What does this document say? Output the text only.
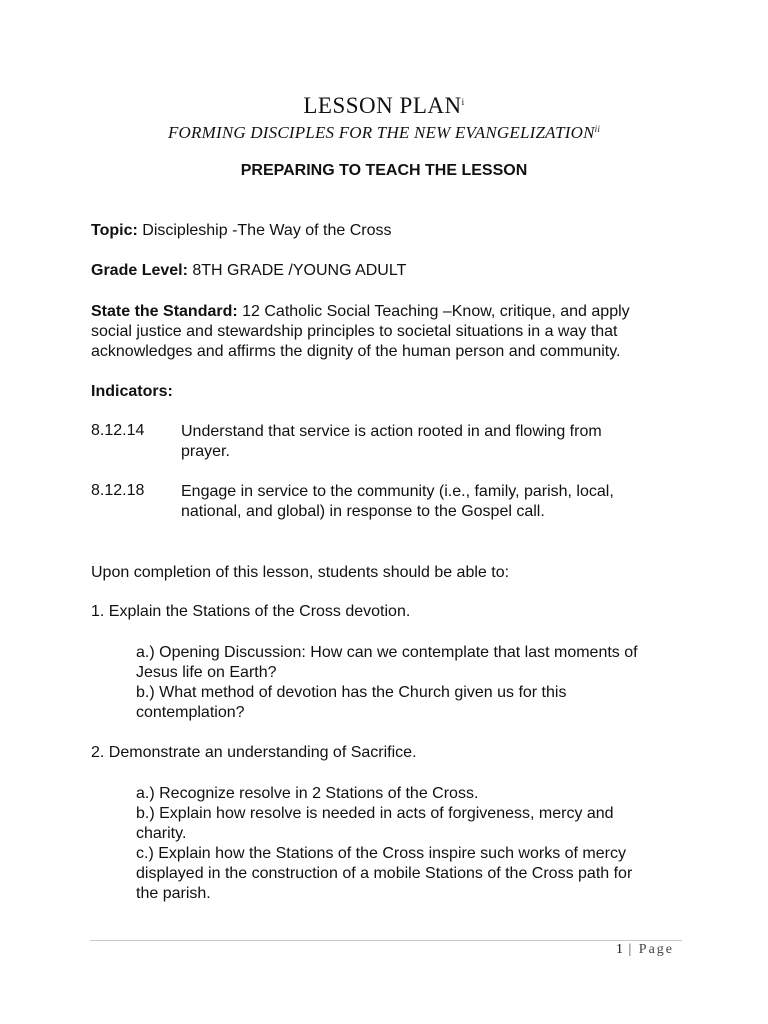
LESSON PLAN$^i$
FORMING DISCIPLES FOR THE NEW EVANGELIZATION$^{ii}$
PREPARING TO TEACH THE LESSON
Topic: Discipleship -The Way of the Cross
Grade Level: 8TH GRADE /YOUNG ADULT
State the Standard: 12 Catholic Social Teaching –Know, critique, and apply
social justice and stewardship principles to societal situations in a way that
acknowledges and affirms the dignity of the human person and community.
Indicators:
8.12.14 Understand that service is action rooted in and flowing from
prayer.
8.12.18 Engage in service to the community (i.e., family, parish, local,
national, and global) in response to the Gospel call.
Upon completion of this lesson, students should be able to:
1. Explain the Stations of the Cross devotion.
a.) Opening Discussion: How can we contemplate that last moments of
Jesus life on Earth?
b.) What method of devotion has the Church given us for this
contemplation?
2. Demonstrate an understanding of Sacrifice.
a.) Recognize resolve in 2 Stations of the Cross.
b.) Explain how resolve is needed in acts of forgiveness, mercy and
charity.
c.) Explain how the Stations of the Cross inspire such works of mercy
displayed in the construction of a mobile Stations of the Cross path for
the parish.
1 | Page
